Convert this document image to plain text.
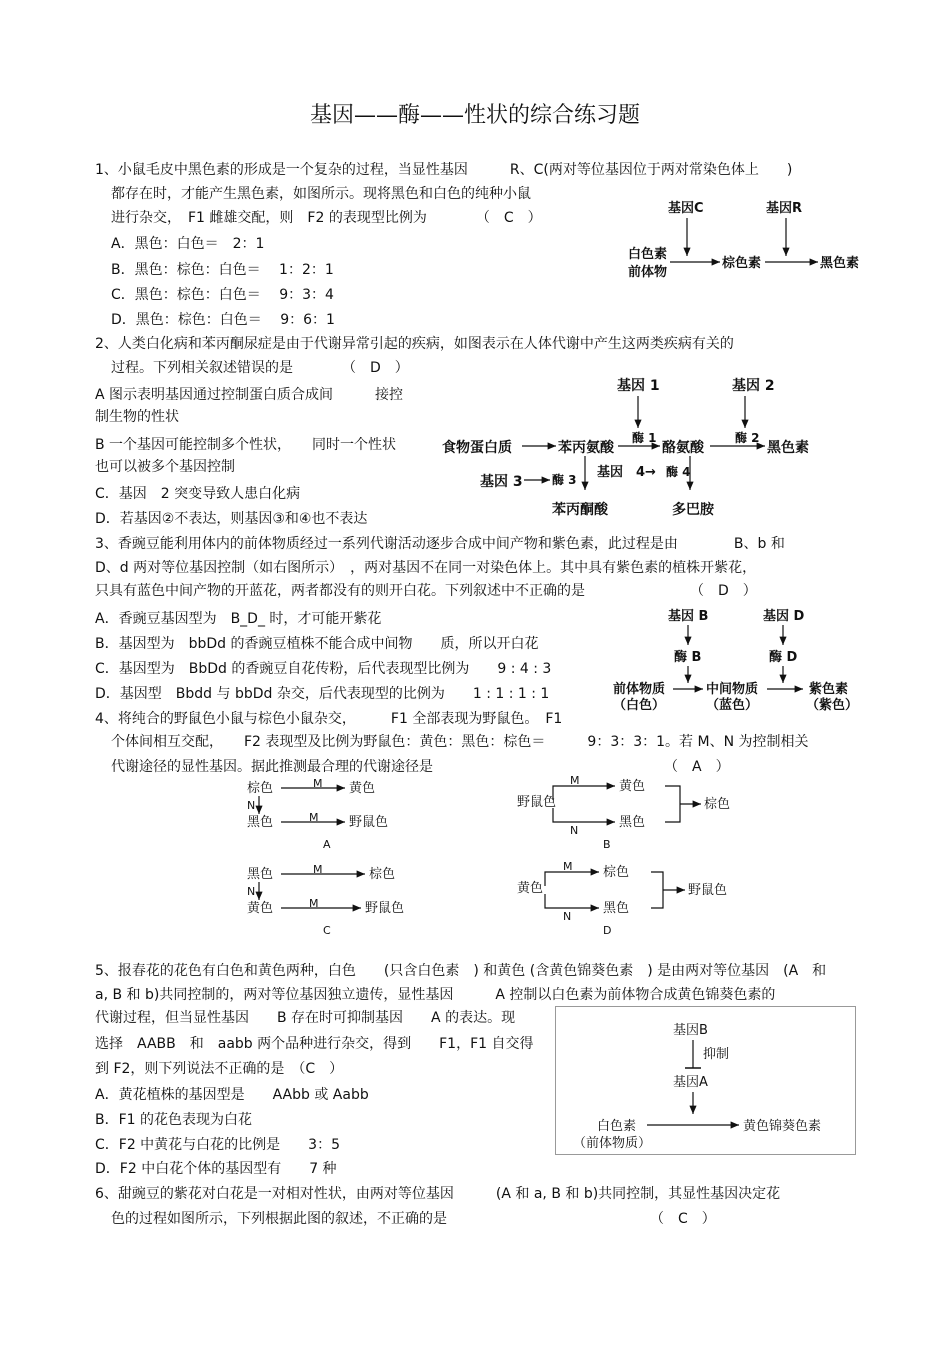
基因——酶——性状的综合练习题
1、小鼠毛皮中黑色素的形成是一个复杂的过程，当显性基因　　　R、C(两对等位基因位于两对常染色体上　　)
都存在时，才能产生黑色素，如图所示。现将黑色和白色的纯种小鼠
进行杂交，　F1 雌雄交配，则　F2 的表现型比例为　　　　（　C　）
A．黑色：白色＝　2：1
B．黑色：棕色：白色＝　 1：2：1
C．黑色：棕色：白色＝　 9：3：4
D．黑色：棕色：白色＝　 9：6：1
基因C	基因R
白色素
前体物
棕色素	黑色素
2、人类白化病和苯丙酮尿症是由于代谢异常引起的疾病，如图表示在人体代谢中产生这两类疾病有关的
过程。下列相关叙述错误的是　　　　（　D　）
A 图示表明基因通过控制蛋白质合成间　　　接控
制生物的性状
B 一个基因可能控制多个性状，　　同时一个性状
也可以被多个基因控制
C．基因　2 突变导致人患白化病
D．若基因②不表达，则基因③和④也不表达
基因 1	基因 2
酶 1	酶 2
食物蛋白质	苯丙氨酸	酪氨酸	黑色素
基因 3 酶 3 基因　4→ 酶 4
苯丙酮酸	多巴胺
3、香豌豆能利用体内的前体物质经过一系列代谢活动逐步合成中间产物和紫色素，此过程是由　　　　B、b 和
D、d 两对等位基因控制（如右图所示）　，两对基因不在同一对染色体上。其中具有紫色素的植株开紫花，
只具有蓝色中间产物的开蓝花，两者都没有的则开白花。下列叙述中不正确的是　　　　　　　　（　D　）
A．香豌豆基因型为　B_D_ 时，才可能开紫花
B．基因型为　bbDd 的香豌豆植株不能合成中间物　　质，所以开白花
C．基因型为　BbDd 的香豌豆自花传粉，后代表现型比例为　　9 : 4 : 3
D．基因型　Bbdd 与 bbDd 杂交，后代表现型的比例为　　1 : 1 : 1 : 1
基因 B	基因 D
酶 B	酶 D
前体物质
（白色）
中间物质
（蓝色）
紫色素
（紫色）
4、将纯合的野鼠色小鼠与棕色小鼠杂交，　　　F1 全部表现为野鼠色。　F1
个体间相互交配，　　F2 表现型及比例为野鼠色：黄色：黑色：棕色＝　　　9：3：3：1。若 M、N 为控制相关
代谢途径的显性基因。据此推测最合理的代谢途径是　　　　　　　　　　　　　　　　　（　A　）
棕色	M 黄色
N
黑色	M 野鼠色
A
野鼠色
M
N
黄色
黑色
棕色
B
黑色	M	棕色
N
黄色	M	野鼠色
C
黄色
M
N
棕色
黑色
野鼠色
D
5、报春花的花色有白色和黄色两种，白色　　(只含白色素　) 和黄色 (含黄色锦葵色素　) 是由两对等位基因　(A　和
a, B 和 b)共同控制的，两对等位基因独立遗传，显性基因　　　A 控制以白色素为前体物合成黄色锦葵色素的
代谢过程，但当显性基因　　B 存在时可抑制基因　　A 的表达。现
选择　AABB　和　aabb 两个品种进行杂交，得到　　F1，F1 自交得
到 F2，则下列说法不正确的是　（C　）
A．黄花植株的基因型是　　AAbb 或 Aabb
B．F1 的花色表现为白花
C．F2 中黄花与白花的比例是　　3：5
D．F2 中白花个体的基因型有　　7 种
基因B
抑制
基因A
白色素
（前体物质）
黄色锦葵色素
6、甜豌豆的紫花对白花是一对相对性状，由两对等位基因　　　(A 和 a, B 和 b)共同控制，其显性基因决定花
色的过程如图所示，下列根据此图的叙述，不正确的是　　　　　　　　　　　　　　　（　C　）
